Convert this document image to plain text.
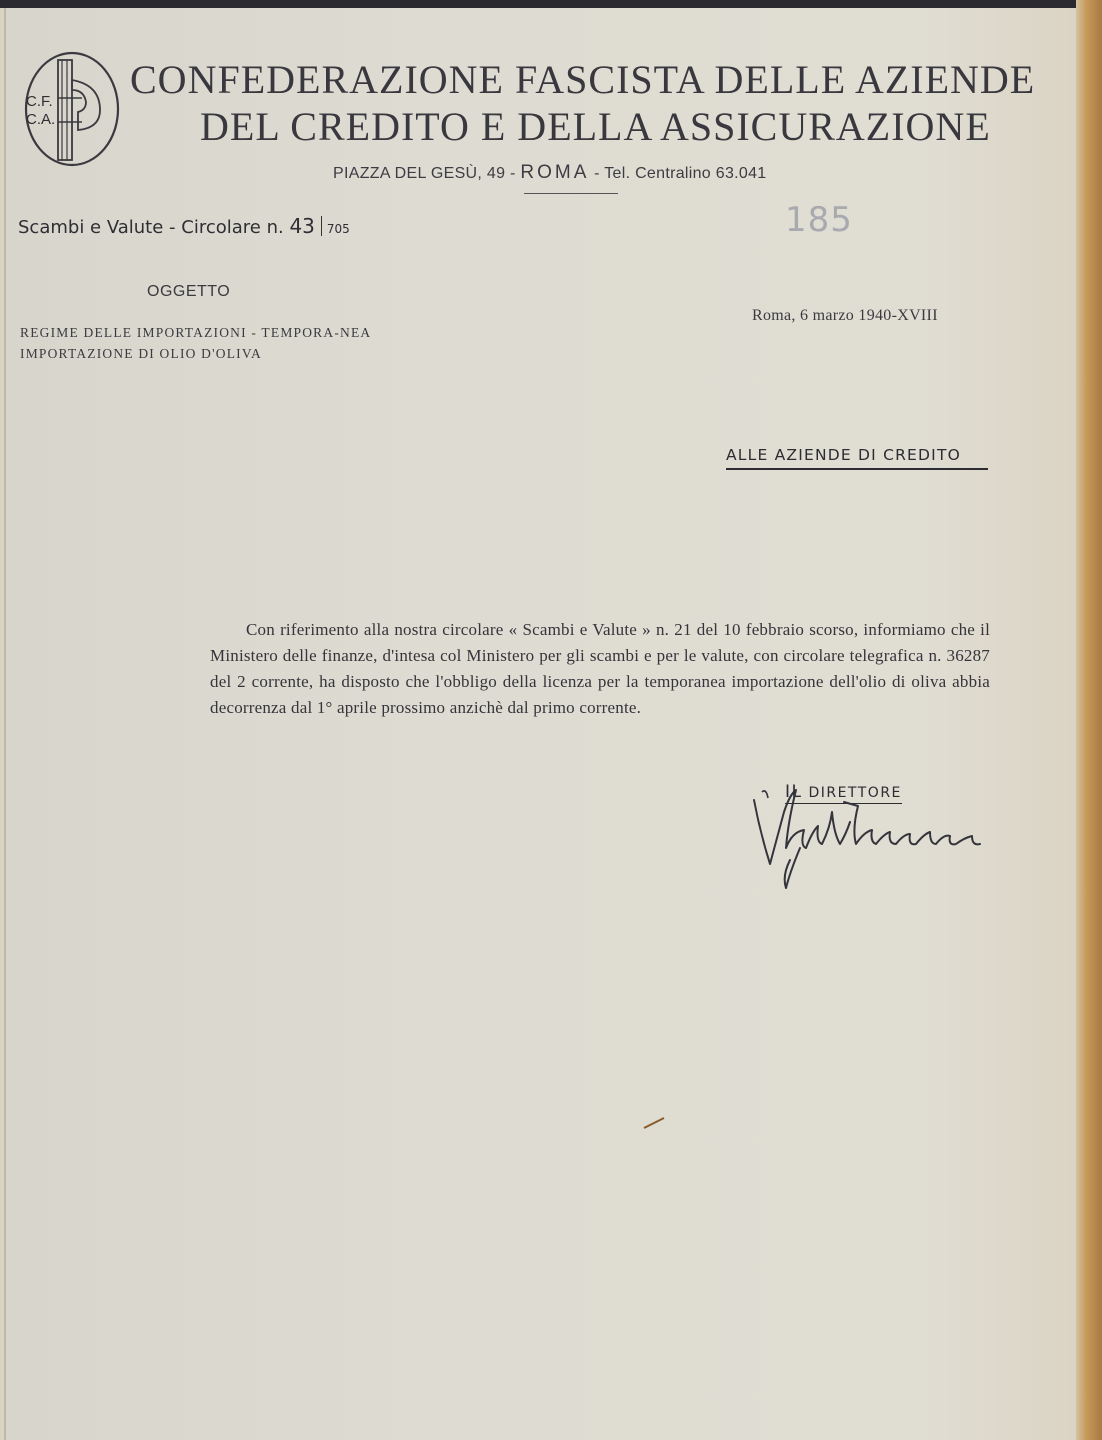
C.F.
C.A.
CONFEDERAZIONE FASCISTA DELLE AZIENDE
DEL CREDITO E DELLA ASSICURAZIONE
PIAZZA DEL GESÙ, 49 - ROMA - Tel. Centralino 63.041
Scambi e Valute - Circolare n. 43 705	185
OGGETTO
REGIME DELLE IMPORTAZIONI - TEMPORA-NEA IMPORTAZIONE DI OLIO D'OLIVA
Roma, 6 marzo 1940-XVIII
ALLE AZIENDE DI CREDITO
Con riferimento alla nostra circolare « Scambi e Valute » n. 21 del 10 febbraio scorso, informiamo che il Ministero delle finanze, d'intesa col Ministero per gli scambi e per le valute, con circolare telegrafica n. 36287 del 2 corrente, ha disposto che l'obbligo della licenza per la temporanea importazione dell'olio di oliva abbia decorrenza dal 1° aprile prossimo anzichè dal primo corrente.
IL DIRETTORE
